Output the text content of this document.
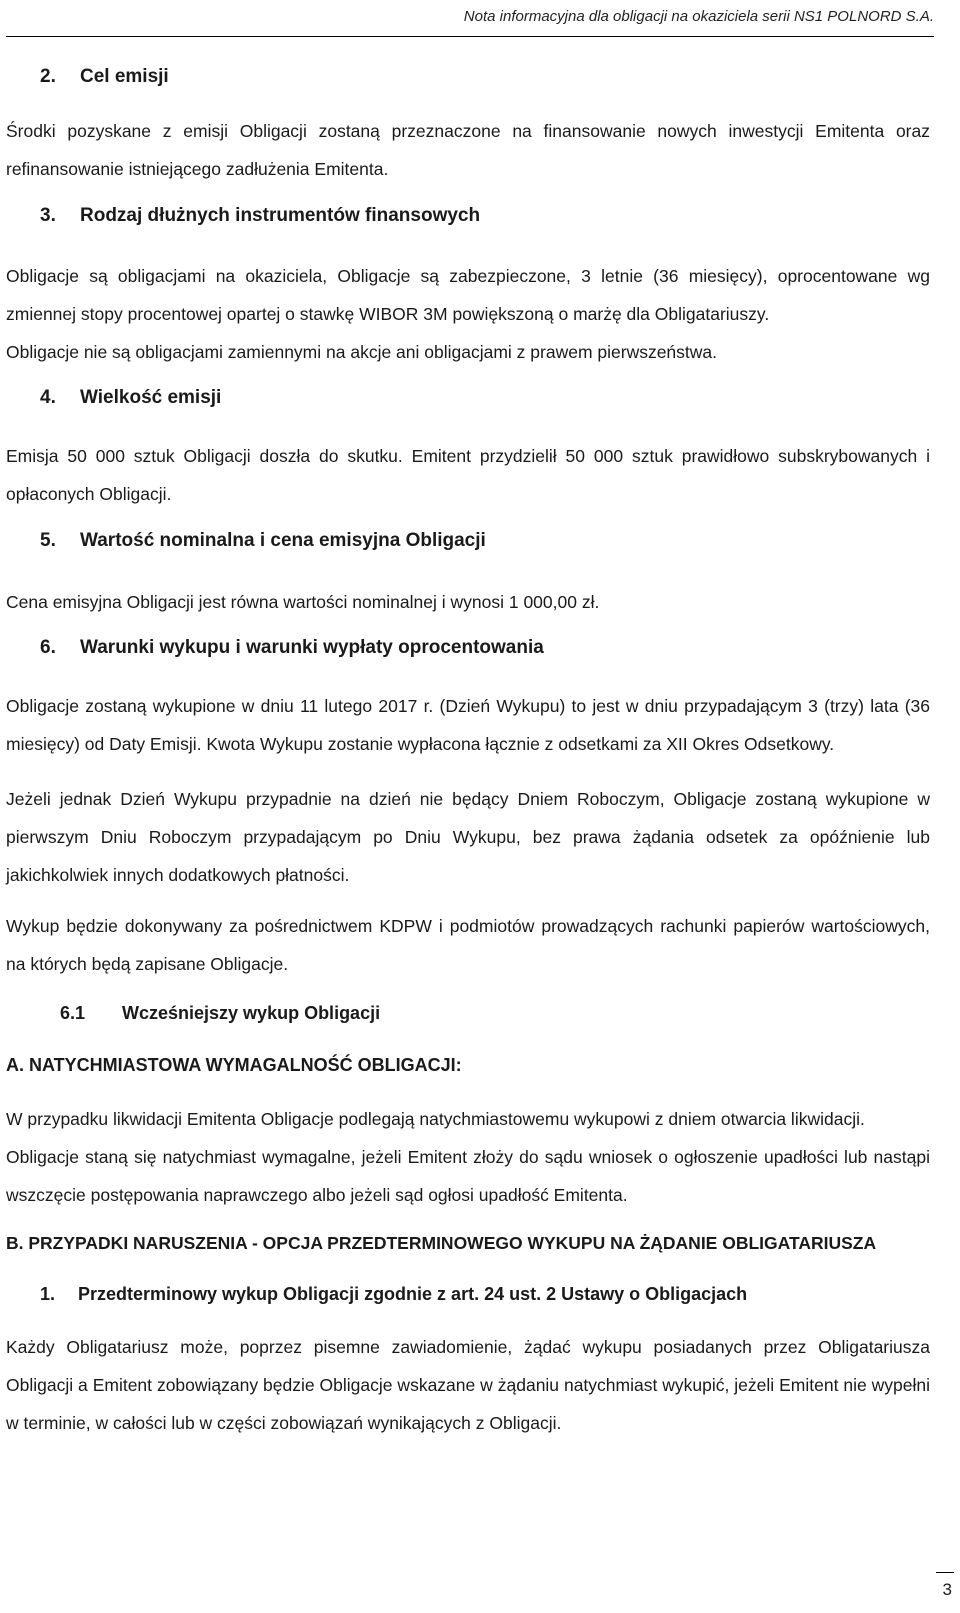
Nota informacyjna dla obligacji na okaziciela serii NS1 POLNORD S.A.

2. Cel emisji

Środki pozyskane z emisji Obligacji zostaną przeznaczone na finansowanie nowych inwestycji Emitenta oraz refinansowanie istniejącego zadłużenia Emitenta.

3. Rodzaj dłużnych instrumentów finansowych

Obligacje są obligacjami na okaziciela, Obligacje są zabezpieczone, 3 letnie (36 miesięcy), oprocentowane wg zmiennej stopy procentowej opartej o stawkę WIBOR 3M powiększoną o marżę dla Obligatariuszy.

Obligacje nie są obligacjami zamiennymi na akcje ani obligacjami z prawem pierwszeństwa.

4. Wielkość emisji

Emisja 50 000 sztuk Obligacji doszła do skutku. Emitent przydzielił 50 000 sztuk prawidłowo subskrybowanych i opłaconych Obligacji.

5. Wartość nominalna i cena emisyjna Obligacji

Cena emisyjna Obligacji jest równa wartości nominalnej i wynosi 1 000,00 zł.

6. Warunki wykupu i warunki wypłaty oprocentowania

Obligacje zostaną wykupione w dniu 11 lutego 2017 r. (Dzień Wykupu) to jest w dniu przypadającym 3 (trzy) lata (36 miesięcy) od Daty Emisji. Kwota Wykupu zostanie wypłacona łącznie z odsetkami za XII Okres Odsetkowy.

Jeżeli jednak Dzień Wykupu przypadnie na dzień nie będący Dniem Roboczym, Obligacje zostaną wykupione w pierwszym Dniu Roboczym przypadającym po Dniu Wykupu, bez prawa żądania odsetek za opóźnienie lub jakichkolwiek innych dodatkowych płatności.

Wykup będzie dokonywany za pośrednictwem KDPW i podmiotów prowadzących rachunki papierów wartościowych, na których będą zapisane Obligacje.

6.1 Wcześniejszy wykup Obligacji

A. NATYCHMIASTOWA WYMAGALNOŚĆ OBLIGACJI:

W przypadku likwidacji Emitenta Obligacje podlegają natychmiastowemu wykupowi z dniem otwarcia likwidacji.

Obligacje staną się natychmiast wymagalne, jeżeli Emitent złoży do sądu wniosek o ogłoszenie upadłości lub nastąpi wszczęcie postępowania naprawczego albo jeżeli sąd ogłosi upadłość Emitenta.

B. PRZYPADKI NARUSZENIA - OPCJA PRZEDTERMINOWEGO WYKUPU NA ŻĄDANIE OBLIGATARIUSZA

1. Przedterminowy wykup Obligacji zgodnie z art. 24 ust. 2 Ustawy o Obligacjach

Każdy Obligatariusz może, poprzez pisemne zawiadomienie, żądać wykupu posiadanych przez Obligatariusza Obligacji a Emitent zobowiązany będzie Obligacje wskazane w żądaniu natychmiast wykupić, jeżeli Emitent nie wypełni w terminie, w całości lub w części zobowiązań wynikających z Obligacji.

3
